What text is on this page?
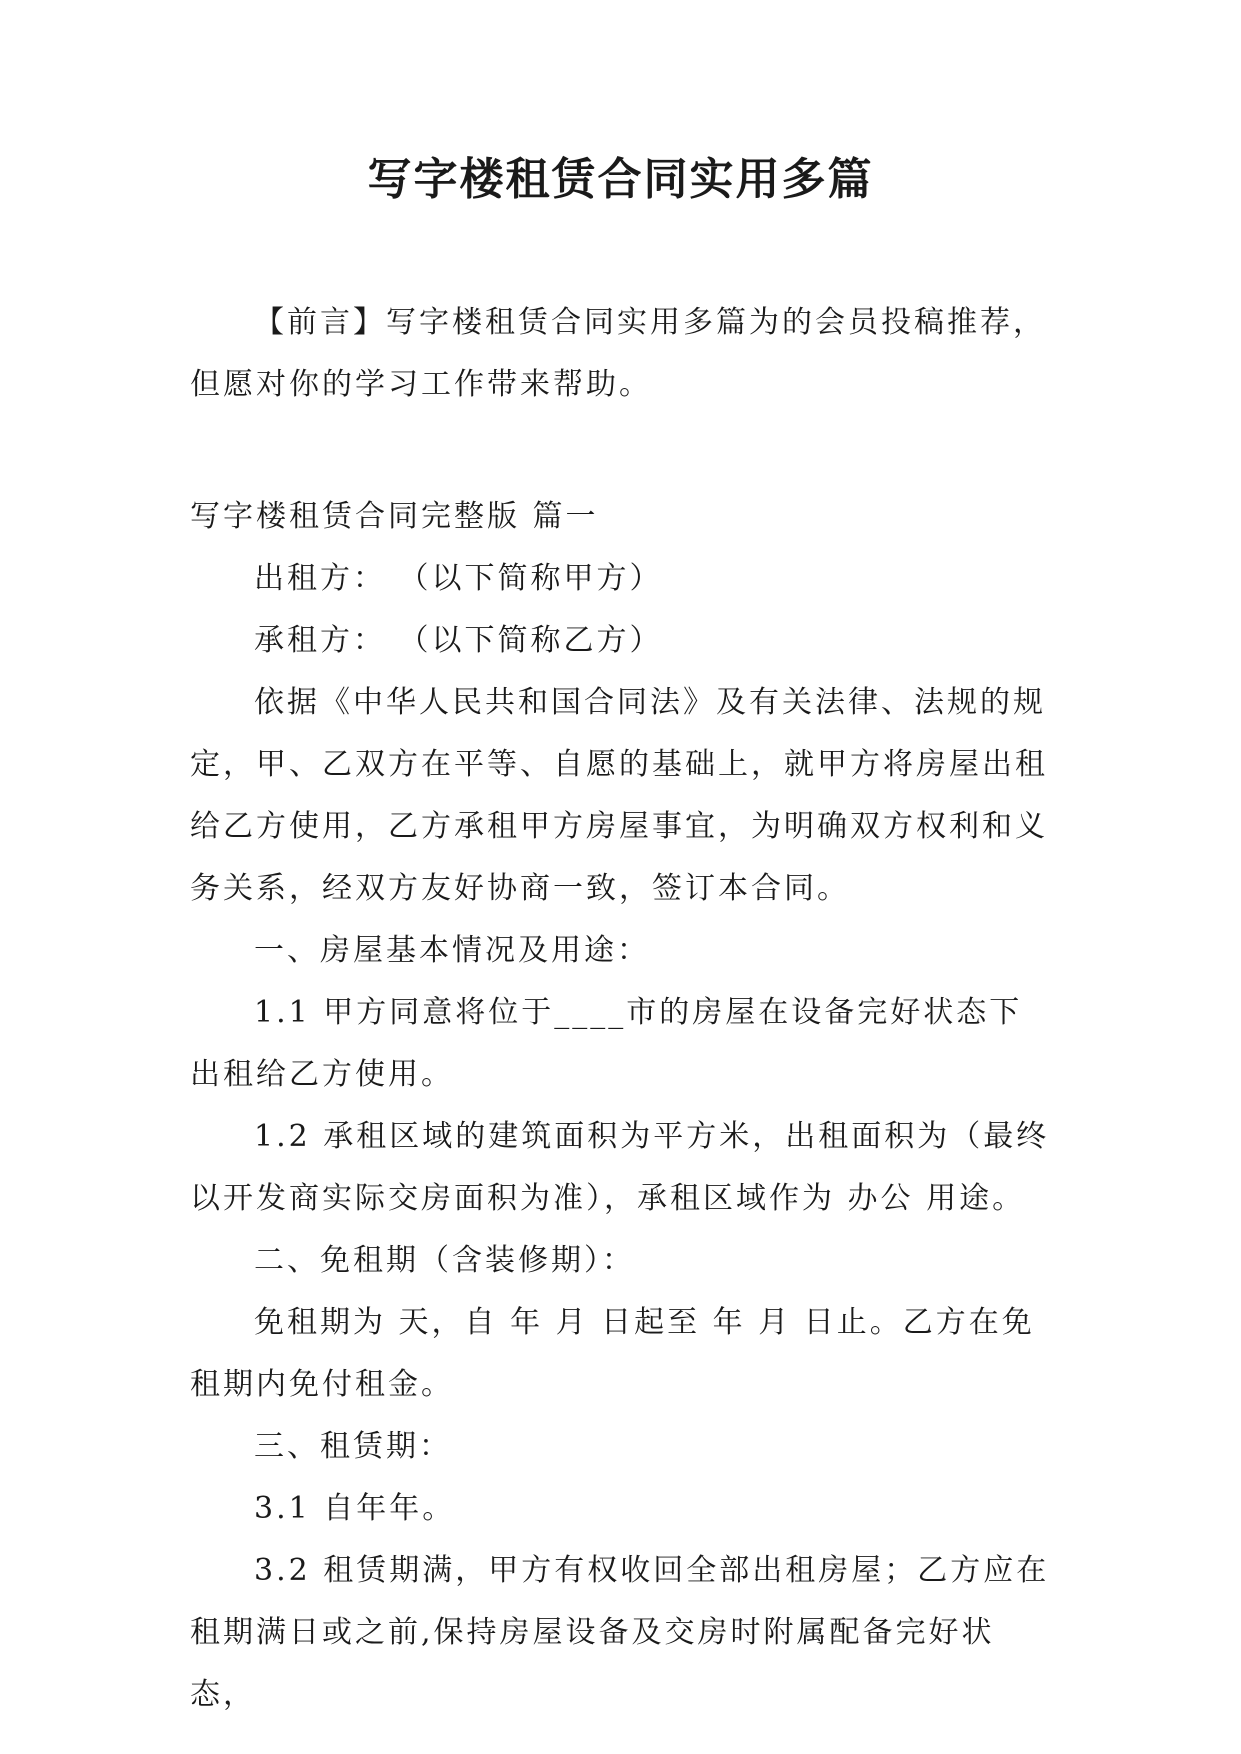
写字楼租赁合同实用多篇

【前言】写字楼租赁合同实用多篇为的会员投稿推荐，但愿对你的学习工作带来帮助。

写字楼租赁合同完整版 篇一

出租方： （以下简称甲方）

承租方： （以下简称乙方）

依据《中华人民共和国合同法》及有关法律、法规的规定，甲、乙双方在平等、自愿的基础上，就甲方将房屋出租给乙方使用，乙方承租甲方房屋事宜，为明确双方权利和义务关系，经双方友好协商一致，签订本合同。

一、房屋基本情况及用途：

1.1 甲方同意将位于____市的房屋在设备完好状态下出租给乙方使用。

1.2 承租区域的建筑面积为平方米，出租面积为（最终以开发商实际交房面积为准），承租区域作为 办公 用途。

二、免租期（含装修期）：

免租期为 天，自 年 月 日起至 年 月 日止。乙方在免租期内免付租金。

三、租赁期：

3.1 自年年。

3.2 租赁期满，甲方有权收回全部出租房屋；乙方应在租期满日或之前,保持房屋设备及交房时附属配备完好状态，
